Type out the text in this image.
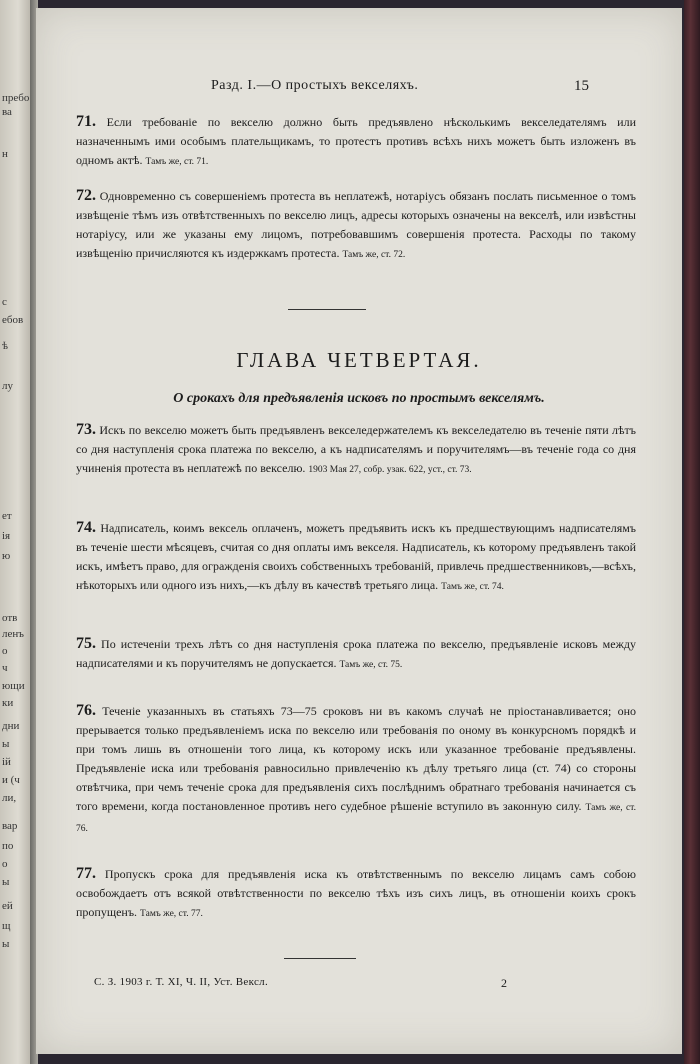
пребо
ва
н
с
ебов
ѣ
лу
ет
ія
ю
отв
ленъ
о
ч
ющи
ки
дни
ы
ій
и (ч
ли,
вар
по
о
ы
ей
щ
ы
Разд. I.—О простыхъ векселяхъ.	15

71. Если требованіе по векселю должно быть предъявлено нѣсколькимъ векселедателямъ или назначеннымъ ими особымъ плательщикамъ, то протестъ противъ всѣхъ нихъ можетъ быть изложенъ въ одномъ актѣ. Тамъ же, ст. 71.

72. Одновременно съ совершеніемъ протеста въ неплатежѣ, нотаріусъ обязанъ послать письменное о томъ извѣщеніе тѣмъ изъ отвѣтственныхъ по векселю лицъ, адресы которыхъ означены на векселѣ, или извѣстны нотаріусу, или же указаны ему лицомъ, потребовавшимъ совершенія протеста. Расходы по такому извѣщенію причисляются къ издержкамъ протеста. Тамъ же, ст. 72.

ГЛАВА ЧЕТВЕРТАЯ.
О срокахъ для предъявленія исковъ по простымъ векселямъ.

73. Искъ по векселю можетъ быть предъявленъ векселедержателемъ къ векселедателю въ теченіе пяти лѣтъ со дня наступленія срока платежа по векселю, а къ надписателямъ и поручителямъ—въ теченіе года со дня учиненія протеста въ неплатежѣ по векселю. 1903 Мая 27, собр. узак. 622, уст., ст. 73.

74. Надписатель, коимъ вексель оплаченъ, можетъ предъявить искъ къ предшествующимъ надписателямъ въ теченіе шести мѣсяцевъ, считая со дня оплаты имъ векселя. Надписатель, къ которому предъявленъ такой искъ, имѣетъ право, для огражденія своихъ собственныхъ требованій, привлечь предшественниковъ,—всѣхъ, нѣкоторыхъ или одного изъ нихъ,—къ дѣлу въ качествѣ третьяго лица. Тамъ же, ст. 74.

75. По истеченіи трехъ лѣтъ со дня наступленія срока платежа по векселю, предъявленіе исковъ между надписателями и къ поручителямъ не допускается. Тамъ же, ст. 75.

76. Теченіе указанныхъ въ статьяхъ 73—75 сроковъ ни въ какомъ случаѣ не пріостанавливается; оно прерывается только предъявленіемъ иска по векселю или требованія по оному въ конкурсномъ порядкѣ и при томъ лишь въ отношеніи того лица, къ которому искъ или указанное требованіе предъявлены. Предъявленіе иска или требованія равносильно привлеченію къ дѣлу третьяго лица (ст. 74) со стороны отвѣтчика, при чемъ теченіе срока для предъявленія сихъ послѣднимъ обратнаго требованія начинается съ того времени, когда постановленное противъ него судебное рѣшеніе вступило въ законную силу. Тамъ же, ст. 76.

77. Пропускъ срока для предъявленія иска къ отвѣтственнымъ по векселю лицамъ самъ собою освобождаетъ отъ всякой отвѣтственности по векселю тѣхъ изъ сихъ лицъ, въ отношеніи коихъ срокъ пропущенъ. Тамъ же, ст. 77.

С. З. 1903 г. Т. XI, Ч. II, Уст. Вексл.	2
